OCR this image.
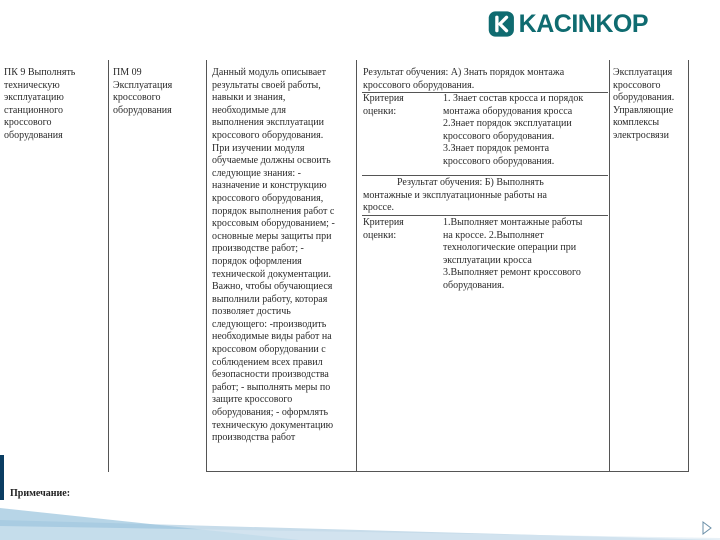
KACINKOP
ПК 9 Выполнять
техническую
эксплуатацию
станционного
кроссового
оборудования
ПМ 09
Эксплуатация
кроссового
оборудования
Данный модуль описывает
результаты своей работы,
навыки и знания,
необходимые для
выполнения эксплуатации
кроссового оборудования.
При изучении модуля
обучаемые должны освоить
следующие знания: -
назначение и конструкцию
кроссового оборудования,
порядок выполнения работ с
кроссовым оборудованием; -
основные меры защиты при
производстве работ; -
порядок оформления
технической документации.
Важно, чтобы обучающиеся
выполнили работу, которая
позволяет достичь
следующего: -производить
необходимые виды работ на
кроссовом оборудовании с
соблюдением всех правил
безопасности производства
работ; - выполнять меры по
защите кроссового
оборудования; - оформлять
техническую документацию
производства работ
Результат обучения: А) Знать порядок монтажа
кроссового оборудования.
Критерия
оценки:
1. Знает состав кросса и порядок
монтажа оборудования кросса
2.Знает порядок эксплуатации
кроссового оборудования.
3.Знает порядок ремонта
кроссового оборудования.
Результат обучения: Б) Выполнять
монтажные и эксплуатационные работы на
кроссе.
Критерия
оценки:
1.Выполняет монтажные работы
на кроссе. 2.Выполняет
технологические операции при
эксплуатации кросса
3.Выполняет ремонт кроссового
оборудования.
Эксплуатация
кроссового
оборудования.
Управляющие
комплексы
электросвязи
Примечание:
